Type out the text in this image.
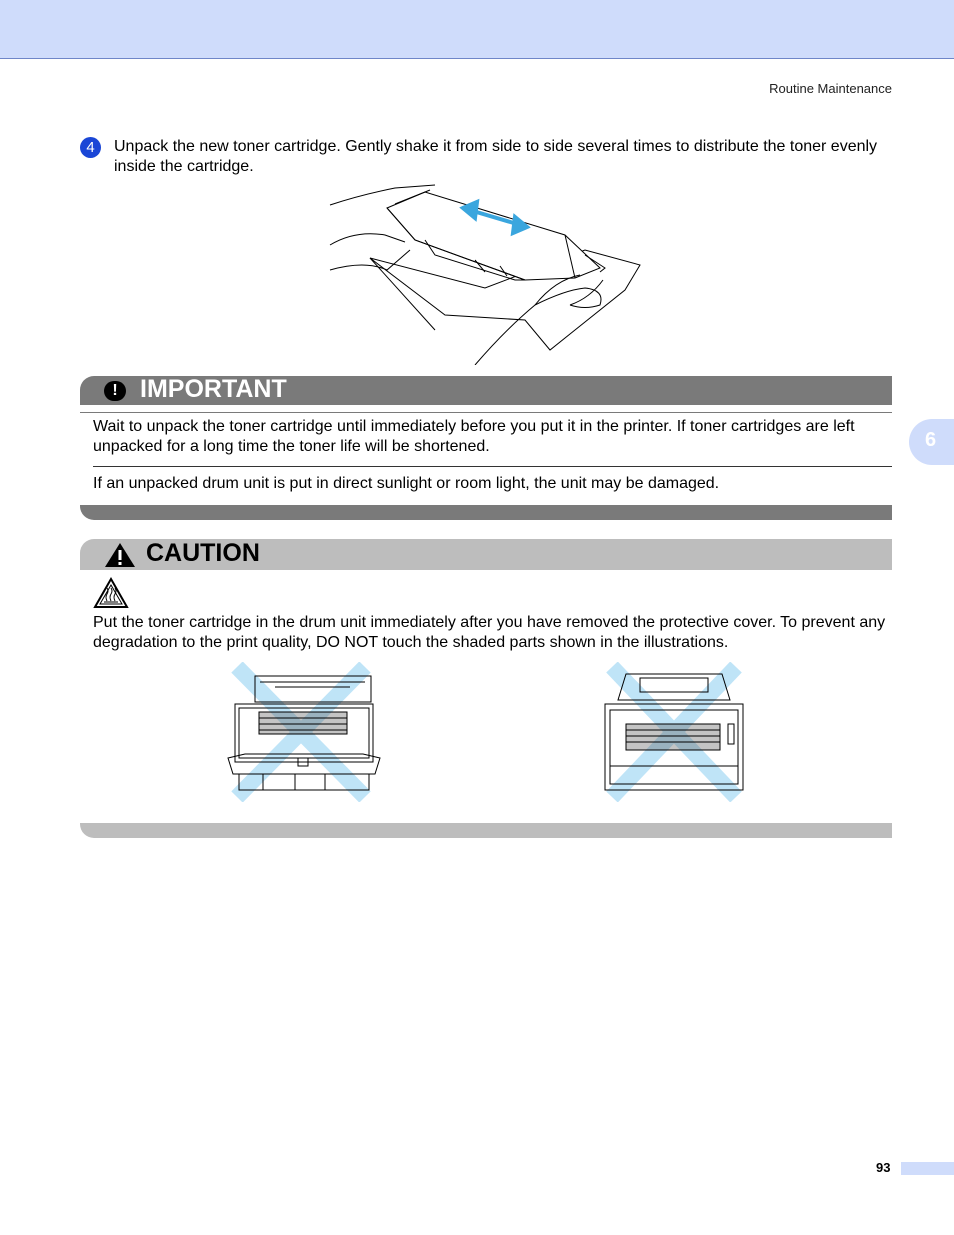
Routine Maintenance
6
4	Unpack the new toner cartridge. Gently shake it from side to side several times to distribute the toner evenly inside the cartridge.
! IMPORTANT
Wait to unpack the toner cartridge until immediately before you put it in the printer. If toner cartridges are left unpacked for a long time the toner life will be shortened.
If an unpacked drum unit is put in direct sunlight or room light, the unit may be damaged.
CAUTION
Put the toner cartridge in the drum unit immediately after you have removed the protective cover. To prevent any degradation to the print quality, DO NOT touch the shaded parts shown in the illustrations.
93
